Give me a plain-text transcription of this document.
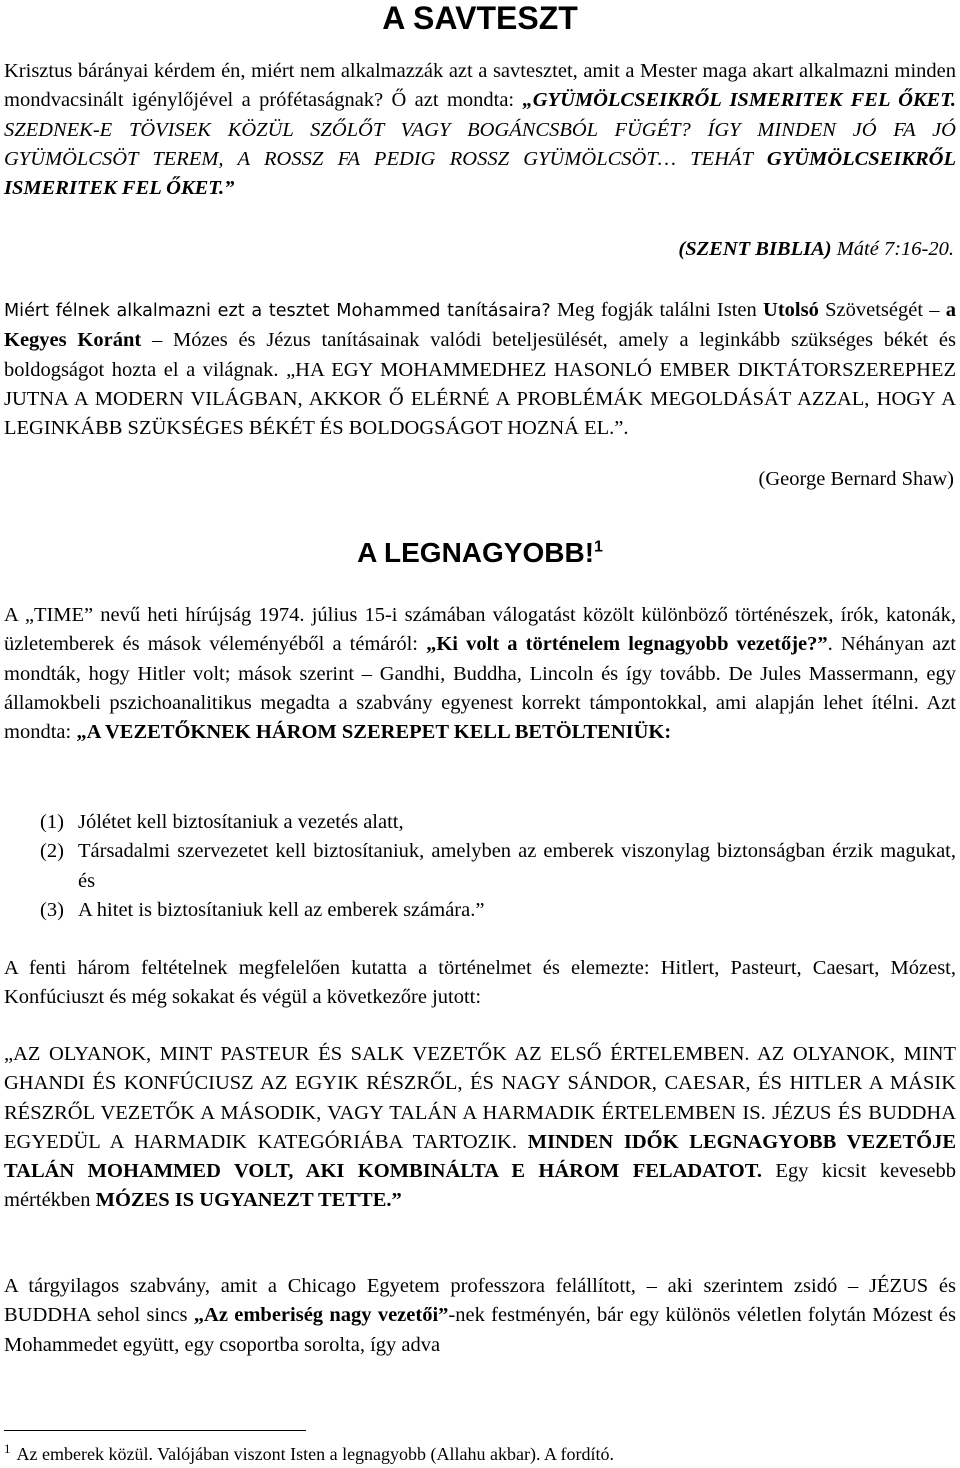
A SAVTESZT

Krisztus bárányai kérdem én, miért nem alkalmazzák azt a savtesztet, amit a Mester maga akart alkalmazni minden mondvacsinált igénylőjével a prófétaságnak? Ő azt mondta: „GYÜMÖLCSEIKRŐL ISMERITEK FEL ŐKET. SZEDNEK-E TÖVISEK KÖZÜL SZŐLŐT VAGY BOGÁNCSBÓL FÜGÉT? ÍGY MINDEN JÓ FA JÓ GYÜMÖLCSÖT TEREM, A ROSSZ FA PEDIG ROSSZ GYÜMÖLCSÖT… TEHÁT GYÜMÖLCSEIKRŐL ISMERITEK FEL ŐKET.”

(SZENT BIBLIA) Máté 7:16-20.

Miért félnek alkalmazni ezt a tesztet Mohammed tanításaira? Meg fogják találni Isten Utolsó Szövetségét – a Kegyes Koránt – Mózes és Jézus tanításainak valódi beteljesülését, amely a leginkább szükséges békét és boldogságot hozta el a világnak. „HA EGY MOHAMMEDHEZ HASONLÓ EMBER DIKTÁTORSZEREPHEZ JUTNA A MODERN VILÁGBAN, AKKOR Ő ELÉRNÉ A PROBLÉMÁK MEGOLDÁSÁT AZZAL, HOGY A LEGINKÁBB SZÜKSÉGES BÉKÉT ÉS BOLDOGSÁGOT HOZNÁ EL.”.

(George Bernard Shaw)

A LEGNAGYOBB!$^1$

A „TIME” nevű heti hírújság 1974. július 15-i számában válogatást közölt különböző történészek, írók, katonák, üzletemberek és mások véleményéből a témáról: „Ki volt a történelem legnagyobb vezetője?”. Néhányan azt mondták, hogy Hitler volt; mások szerint – Gandhi, Buddha, Lincoln és így tovább. De Jules Massermann, egy államokbeli pszichoanalitikus megadta a szabvány egyenest korrekt támpontokkal, ami alapján lehet ítélni. Azt mondta: „A VEZETŐKNEK HÁROM SZEREPET KELL BETÖLTENIÜK:

(1) Jólétet kell biztosítaniuk a vezetés alatt,
(2) Társadalmi szervezetet kell biztosítaniuk, amelyben az emberek viszonylag biztonságban érzik magukat, és
(3) A hitet is biztosítaniuk kell az emberek számára.”

A fenti három feltételnek megfelelően kutatta a történelmet és elemezte: Hitlert, Pasteurt, Caesart, Mózest, Konfúciuszt és még sokakat és végül a következőre jutott:

„AZ OLYANOK, MINT PASTEUR ÉS SALK VEZETŐK AZ ELSŐ ÉRTELEMBEN. AZ OLYANOK, MINT GHANDI ÉS KONFÚCIUSZ AZ EGYIK RÉSZRŐL, ÉS NAGY SÁNDOR, CAESAR, ÉS HITLER A MÁSIK RÉSZRŐL VEZETŐK A MÁSODIK, VAGY TALÁN A HARMADIK ÉRTELEMBEN IS. JÉZUS ÉS BUDDHA EGYEDÜL A HARMADIK KATEGÓRIÁBA TARTOZIK. MINDEN IDŐK LEGNAGYOBB VEZETŐJE TALÁN MOHAMMED VOLT, AKI KOMBINÁLTA E HÁROM FELADATOT. Egy kicsit kevesebb mértékben MÓZES IS UGYANEZT TETTE.”

A tárgyilagos szabvány, amit a Chicago Egyetem professzora felállított, – aki szerintem zsidó – JÉZUS és BUDDHA sehol sincs „Az emberiség nagy vezetői”-nek festményén, bár egy különös véletlen folytán Mózest és Mohammedet együtt, egy csoportba sorolta, így adva

$^1$ Az emberek közül. Valójában viszont Isten a legnagyobb (Allahu akbar). A fordító.
